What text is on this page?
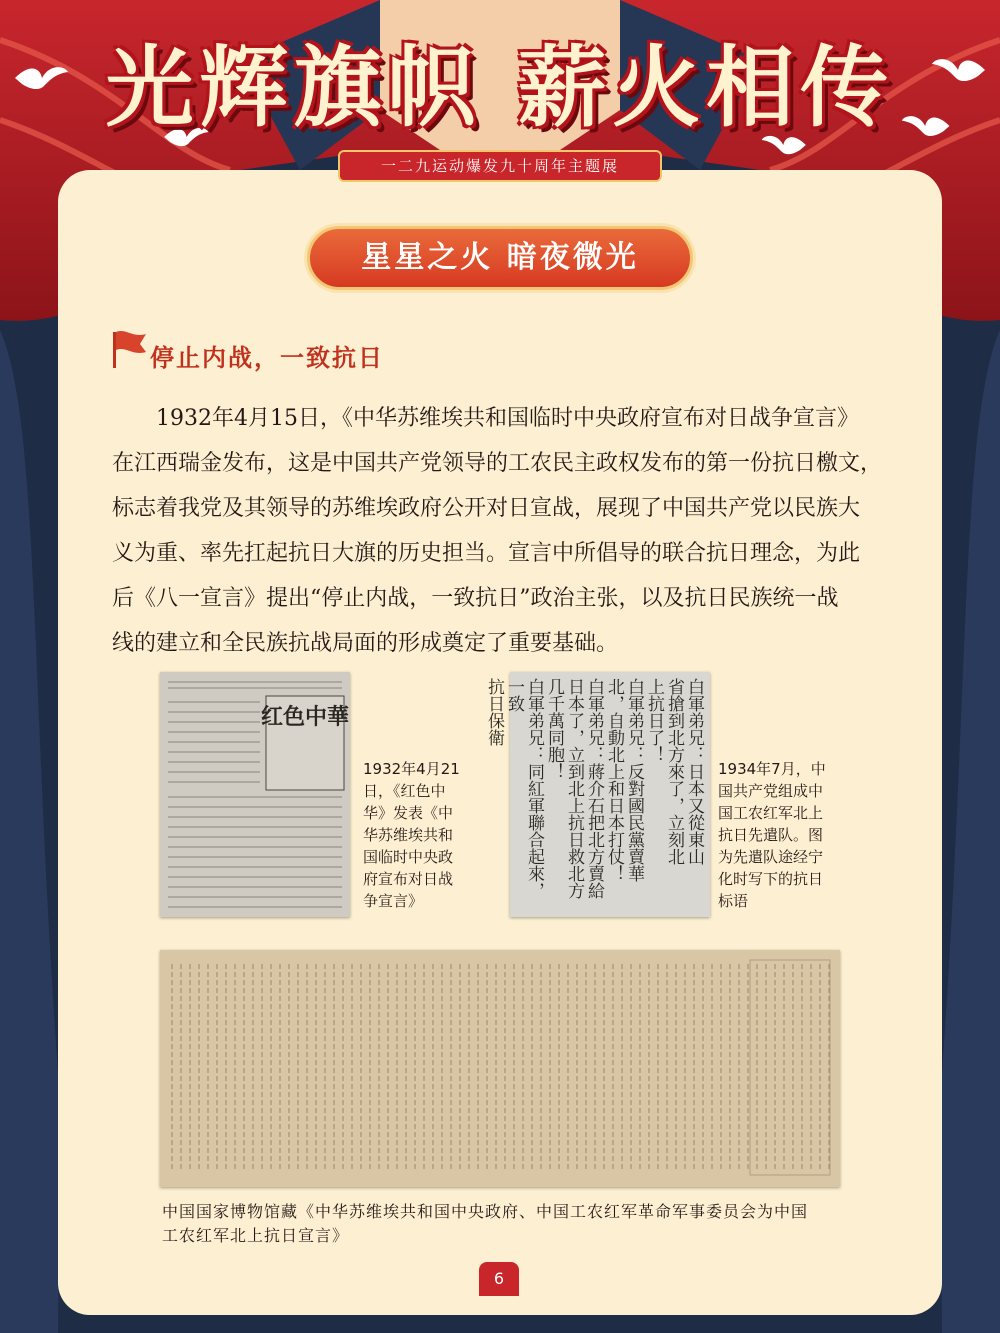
光辉旗帜 薪火相传
一二九运动爆发九十周年主题展
星星之火 暗夜微光
停止内战，一致抗日

　　1932年4月15日，《中华苏维埃共和国临时中央政府宣布对日战争宣言》
在江西瑞金发布，这是中国共产党领导的工农民主政权发布的第一份抗日檄文，
标志着我党及其领导的苏维埃政府公开对日宣战，展现了中国共产党以民族大
义为重、率先扛起抗日大旗的历史担当。宣言中所倡导的联合抗日理念，为此
后《八一宣言》提出“停止内战，一致抗日”政治主张，以及抗日民族统一战
线的建立和全民族抗战局面的形成奠定了重要基础。

红色中華

1932年4月21
日，《红色中
华》发表《中
华苏维埃共和
国临时中央政
府宣布对日战
争宣言》

白軍弟兄：日本又從東山
省搶到北方來了，立刻北
上抗日了！
白軍弟兄：反對國民黨賣華
北，自動北上和日本打仗！
白軍弟兄：蔣介石把北方賣給
日本了，立到北上抗日救北方
几千萬同胞！
白軍弟兄：同紅軍聯合起來，一致
抗日保衛

1934年7月，中
国共产党组成中
国工农红军北上
抗日先遣队。图
为先遣队途经宁
化时写下的抗日
标语

中国国家博物馆藏《中华苏维埃共和国中央政府、中国工农红军革命军事委员会为中国
工农红军北上抗日宣言》

6
